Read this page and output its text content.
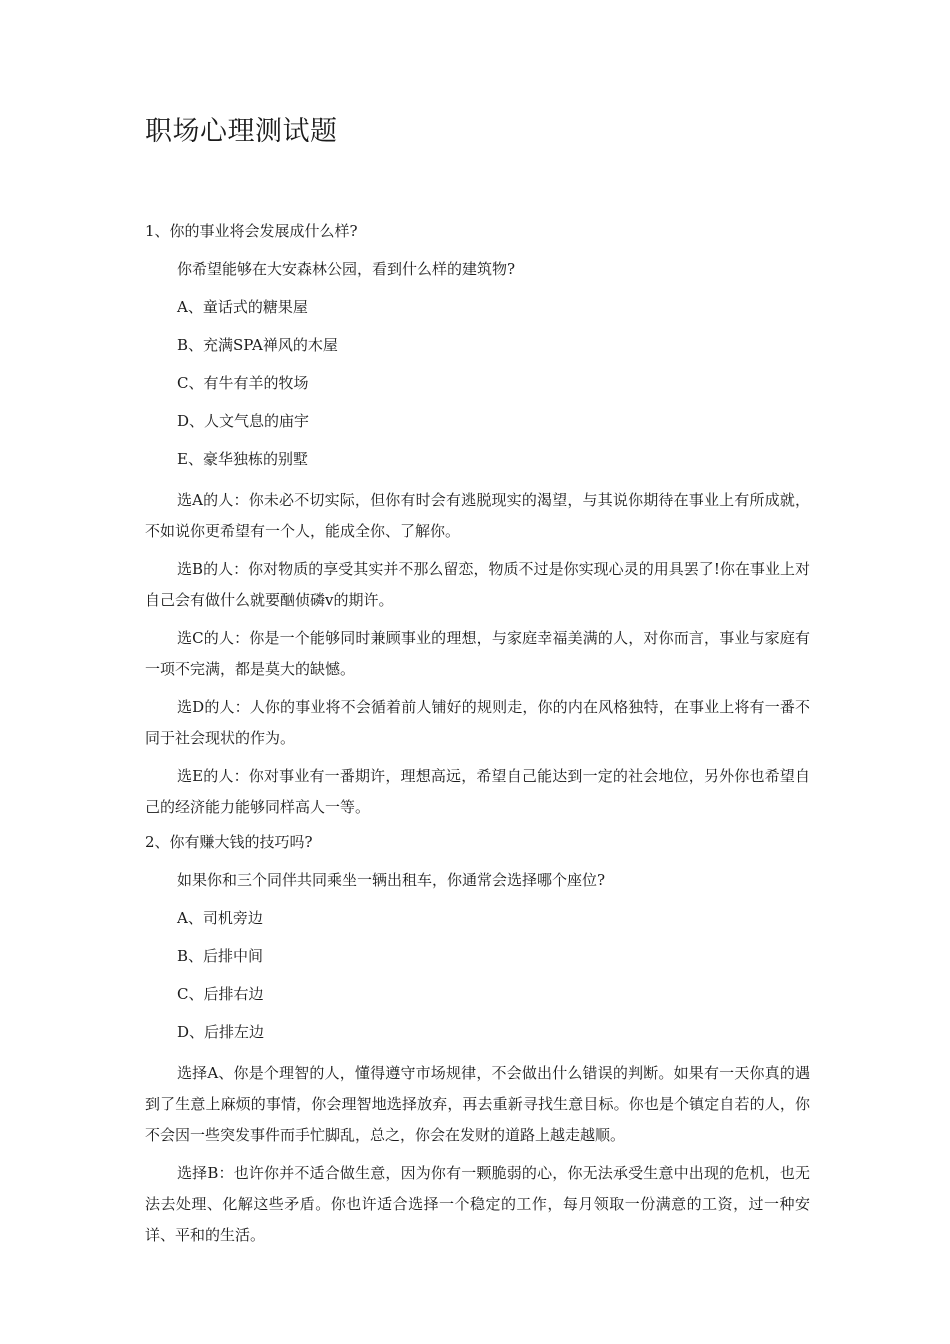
职场心理测试题

1、你的事业将会发展成什么样?

你希望能够在大安森林公园，看到什么样的建筑物?

A、童话式的糖果屋

B、充满SPA禅风的木屋

C、有牛有羊的牧场

D、人文气息的庙宇

E、豪华独栋的别墅

选A的人：你未必不切实际，但你有时会有逃脱现实的渴望，与其说你期待在事业上有所成就，不如说你更希望有一个人，能成全你、了解你。

选B的人：你对物质的享受其实并不那么留恋，物质不过是你实现心灵的用具罢了!你在事业上对自己会有做什么就要酗侦磷v的期许。

选C的人：你是一个能够同时兼顾事业的理想，与家庭幸福美满的人，对你而言，事业与家庭有一项不完满，都是莫大的缺憾。

选D的人：人你的事业将不会循着前人铺好的规则走，你的内在风格独特，在事业上将有一番不同于社会现状的作为。

选E的人：你对事业有一番期许，理想高远，希望自己能达到一定的社会地位，另外你也希望自己的经济能力能够同样高人一等。

2、你有赚大钱的技巧吗?

如果你和三个同伴共同乘坐一辆出租车，你通常会选择哪个座位?

A、司机旁边

B、后排中间

C、后排右边

D、后排左边

选择A、你是个理智的人，懂得遵守市场规律，不会做出什么错误的判断。如果有一天你真的遇到了生意上麻烦的事情，你会理智地选择放弃，再去重新寻找生意目标。你也是个镇定自若的人，你不会因一些突发事件而手忙脚乱，总之，你会在发财的道路上越走越顺。

选择B：也许你并不适合做生意，因为你有一颗脆弱的心，你无法承受生意中出现的危机，也无法去处理、化解这些矛盾。你也许适合选择一个稳定的工作，每月领取一份满意的工资，过一种安详、平和的生活。
